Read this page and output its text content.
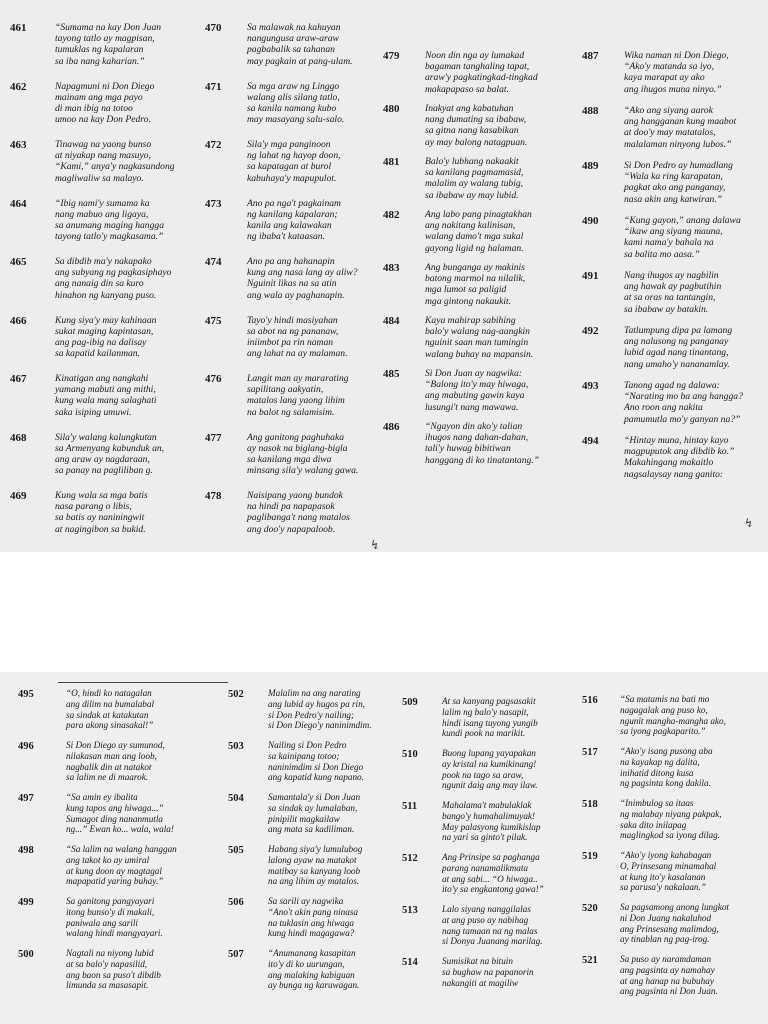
461	“Sumama na kay Don Juan
tayong tatlo ay magpisan,
tumuklas ng kapalaran
sa iba nang kaharian.”
462	Napagmuni ni Don Diego
mainam ang mga payo
di man ibig na totoo
umoo na kay Don Pedro.
463	Tinawag na yaong bunso
at niyakap nang masuyo,
“Kami,” anya'y nagkasundong
magliwaliw sa malayo.
464	“Ibig nami'y sumama ka
nang mabuo ang ligaya,
sa anumang maging hangga
tayong tatlo'y magkasama.”
465	Sa dibdib ma'y nakapako
ang subyang ng pagkasiphayo
ang nanaig din sa kuro
hinahon ng kanyang puso.
466	Kung siya'y may kahinaan
sukat maging kapintasan,
ang pag-ibig na dalisay
sa kapatid kailanman.
467	Kinatigan ang nangkahi
yamang mabuti ang mithi,
kung wala mang salaghati
saka isiping umuwi.
468	Sila'y walang kalungkutan
sa Armenyang kabunduk an,
ang araw ay nagdaraan,
sa panay na pagliliban g.
469	Kung wala sa mga batis
nasa parang o libis,
sa batis ay naniningwit
at nagingibon sa bukid.
470	Sa malawak na kahuyan
nangungusa araw-araw
pagbabalik sa tahanan
may pagkain at pang-ulam.
471	Sa mga araw ng Linggo
walang alis silang tatlo,
sa kanila namang kubo
may masayang salu-salo.
472	Sila'y mga panginoon
ng lahat ng hayop doon,
sa kapatagan at burol
kabuhaya'y mapupulot.
473	Ano pa nga't pagkainam
ng kanilang kapalaran;
kanila ang kalawakan
ng ibaba't kataasan.
474	Ano pa ang hahanapin
kung ang nasa lang ay aliw?
Nguinit likas na sa atin
ang wala ay paghanapin.
475	Tayo'y hindi masiyahan
sa abot na ng pananaw,
iniimbot pa rin naman
ang lahat na ay malaman.
476	Langit man ay mararating
sapilitang aakyatin,
matalos lang yaong lihim
na balot ng salamisim.
477	Ang ganitong paghuhaka
ay nasok na biglang-bigla
sa kanilang mga diwa
minsang sila'y walang gawa.
478	Naisipang yaong bundok
na hindi pa napapasok
paglibanga't nang matalos
ang doo'y napapaloob.
479	Noon din nga ay lumakad
bagaman tanghaling tapat,
araw'y pagkatingkad-tingkad
makapapaso sa balat.
480	Inakyat ang kabatuhan
nang dumating sa ibabaw,
sa gitna nang kasabikan
ay may balong natagpuan.
481	Balo'y lubhang nakaakit
sa kanilang pagmamasid,
malalim ay walang tubig,
sa ibabaw ay may lubid.
482	Ang labo pang pinagtakhan
ang nakitang kalinisan,
walang damo't mga sukal
gayong ligid ng halaman.
483	Ang bunganga ay makinis
batong marmol na nilalik,
mga lumot sa paligid
mga gintong nakaukit.
484	Kaya mahirap sabihing
balo'y walang nag-aangkin
nguinit saan man tumingin
walang buhay na mapansin.
485	Si Don Juan ay nagwika:
“Balong ito'y may hiwaga,
ang mabuting gawin kaya
lusungi't nang mawawa.
486	“Ngayon din ako'y talian
ihugos nang dahan-dahan,
tali'y huwag bibitiwan
hanggang di ko tinatantang.”
487	Wika naman ni Don Diego,
“Ako'y matanda sa iyo,
kaya marapat ay ako
ang ihugos muna ninyo.”
488	“Ako ang siyang aarok
ang hangganan kung maabot
at doo'y may matatalos,
malalaman ninyong lubos.”
489	Si Don Pedro ay humadlang
“Wala ka ring karapatan,
pagkat ako ang panganay,
nasa akin ang katwiran.”
490	“Kung gayon,” anang dalawa
“ikaw ang siyang mauna,
kami nama'y bahala na
sa balita mo aasa.”
491	Nang ihugos ay nagbilin
ang hawak ay pagbutihin
at sa oras na tantangin,
sa ibabaw ay batakin.
492	Tatlumpung dipa pa lamang
ang nalusong ng panganay
lubid agad nang tinantang,
nang umaho'y nananamlay.
493	Tanong agad ng dalawa:
“Narating mo ba ang hangga?
Ano roon ang nakita
pamumutla mo'y ganyan na?”
494	“Hintay muna, hintay kayo
magpuputok ang dibdib ko.”
Makahingang makaitlo
nagsalaysay nang ganito:
↯
↯
495	“O, hindi ko natagalan
ang dilim na bumalabal
sa sindak at katakutan
para akong sinasakal!”
496	Si Don Diego ay sumunod,
nilakasan man ang loob,
nagbalik din at natakot
sa lalim ne di maarok.
497	“Sa amin ey ibalita
kung tapos ang hiwaga...”
Sumagot ding nananmutla
ng...” Ewan ko... wala, wala!
498	“Sa lalim na walang hanggan
ang takot ko ay umiral
at kung doon ay magtagal
mapapatid yaring buhay.”
499	Sa ganitong pangyayari
itong bunso'y di makali,
paniwala ang sarili
walang hindi mangyayari.
500	Nagtali na niyong lubid
at sa balo'y napasilid,
ang baon sa puso't dibdib
limunda sa masasapit.
502	Malalim na ang narating
ang lubid ay hugos pa rin,
si Don Pedro'y nailing;
si Don Diego'y naninimdim.
503	Nailing si Don Pedro
sa kainipang totoo;
naninimdim si Don Diego
ang kapatid kung napano.
504	Samantala'y si Don Juan
sa sindak ay lumalaban,
pinipilit magkailaw
ang mata sa kadiliman.
505	Habang siya'y lumulubog
lalong ayaw na matakot
matibay sa kanyang loob
na ang lihim ay matalos.
506	Sa sarili ay nagwika
“Ano't akin pang ninasa
na tuklasin ang hiwaga
kung hindi magagawa?
507	“Anumanang kasapitan
ito'y di ko uurungan,
ang malaking kabiguan
ay bunga ng karuwagan.
509	At sa kanyang pagsasakit
lalim ng balo'y nasapit,
hindi isang tuyong yungib
kundi pook na marikit.
510	Buong lupang yayapakan
ay kristal na kumikinang!
pook na tago sa araw,
ngunit daig ang may ilaw.
511	Mahalama't mabulaklak
bango'y humahalimuyak!
May palasyong kumikislap
na yari sa ginto't pilak.
512	Ang Prinsipe sa paghanga
parang nanamalikmata
at ang sabi... “O hiwaga..
ito'y sa engkantong gawa!”
513	Lalo siyang nanggilalas
at ang puso ay nabihag
nang tamaan na ng malas
si Donya Juanang marilag.
514	Sumisikat na bituin
sa bughaw na papanorin
nakangiti at magiliw
516 “Sa matamis na bati mo
nagagalak ang puso ko,
ngunit mangha-mangha ako,
sa iyong pagkaparito.”
517 “Ako'y isang pusong aba
na kayakap ng dalita,
inihatid ditong kusa
ng pagsinta kong dakila.
518 “Inimbulog sa itaas
ng malabay niyang pakpak,
saka dito inilapag
maglingkod sa iyong dilag.
519 “Ako'y iyong kahabagan
O, Prinsesang minamahal
at kung ito'y kasalanan
sa parusa'y nakalaan.”
520 Sa pagsamong anong lungkot
ni Don Juang nakaluhod
ang Prinsesang malimdog,
ay tinablan ng pag-irog.
521 Sa puso ay naramdaman
ang pagsinta ay namahay
at ang hanap na bubuhay
ang pagsinta ni Don Juan.
